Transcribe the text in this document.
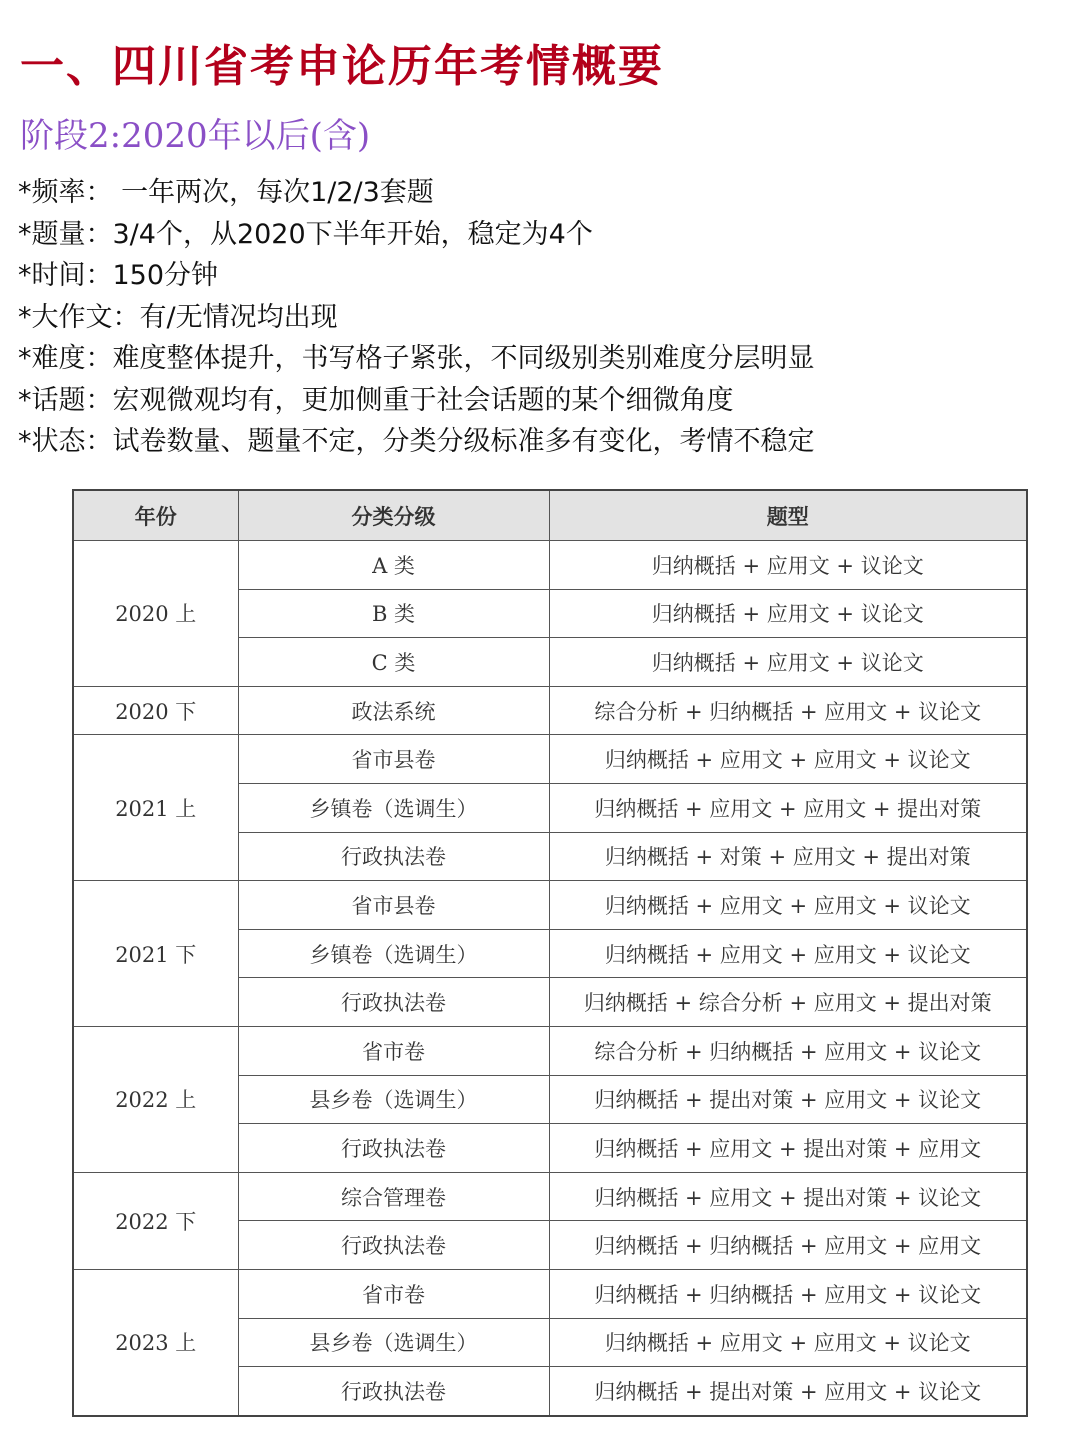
一、四川省考申论历年考情概要
阶段2:2020年以后(含)
*频率： 一年两次，每次1/2/3套题
*题量：3/4个，从2020下半年开始，稳定为4个
*时间：150分钟
*大作文：有/无情况均出现
*难度：难度整体提升，书写格子紧张，不同级别类别难度分层明显
*话题：宏观微观均有，更加侧重于社会话题的某个细微角度
*状态：试卷数量、题量不定，分类分级标准多有变化，考情不稳定
年份	分类分级	题型
2020 上	A 类	归纳概括 + 应用文 + 议论文
	B 类	归纳概括 + 应用文 + 议论文
	C 类	归纳概括 + 应用文 + 议论文
2020 下	政法系统	综合分析 + 归纳概括 + 应用文 + 议论文
2021 上	省市县卷	归纳概括 + 应用文 + 应用文 + 议论文
	乡镇卷（选调生）	归纳概括 + 应用文 + 应用文 + 提出对策
	行政执法卷	归纳概括 + 对策 + 应用文 + 提出对策
2021 下	省市县卷	归纳概括 + 应用文 + 应用文 + 议论文
	乡镇卷（选调生）	归纳概括 + 应用文 + 应用文 + 议论文
	行政执法卷	归纳概括 + 综合分析 + 应用文 + 提出对策
2022 上	省市卷	综合分析 + 归纳概括 + 应用文 + 议论文
	县乡卷（选调生）	归纳概括 + 提出对策 + 应用文 + 议论文
	行政执法卷	归纳概括 + 应用文 + 提出对策 + 应用文
2022 下	综合管理卷	归纳概括 + 应用文 + 提出对策 + 议论文
	行政执法卷	归纳概括 + 归纳概括 + 应用文 + 应用文
2023 上	省市卷	归纳概括 + 归纳概括 + 应用文 + 议论文
	县乡卷（选调生）	归纳概括 + 应用文 + 应用文 + 议论文
	行政执法卷	归纳概括 + 提出对策 + 应用文 + 议论文
